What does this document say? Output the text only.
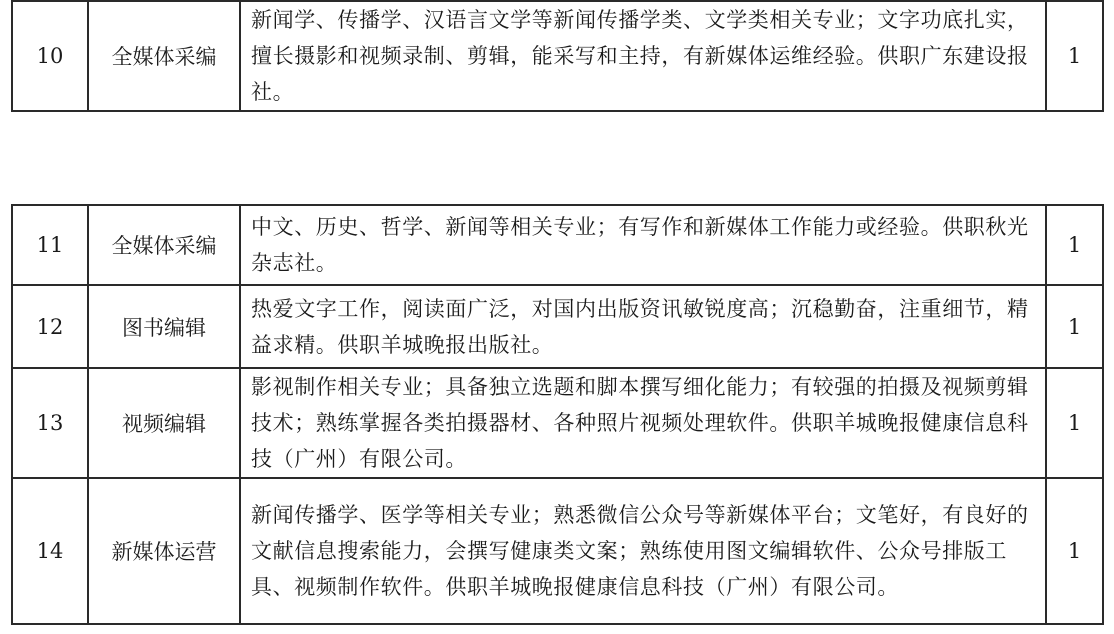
10	全媒体采编	新闻学、传播学、汉语言文学等新闻传播学类、文学类相关专业；文字功底扎实，擅长摄影和视频录制、剪辑，能采写和主持，有新媒体运维经验。供职广东建设报社。	1
11	全媒体采编	中文、历史、哲学、新闻等相关专业；有写作和新媒体工作能力或经验。供职秋光杂志社。	1
12	图书编辑	热爱文字工作，阅读面广泛，对国内出版资讯敏锐度高；沉稳勤奋，注重细节，精益求精。供职羊城晚报出版社。	1
13	视频编辑	影视制作相关专业；具备独立选题和脚本撰写细化能力；有较强的拍摄及视频剪辑技术；熟练掌握各类拍摄器材、各种照片视频处理软件。供职羊城晚报健康信息科技（广州）有限公司。	1
14	新媒体运营	新闻传播学、医学等相关专业；熟悉微信公众号等新媒体平台；文笔好，有良好的文献信息搜索能力，会撰写健康类文案；熟练使用图文编辑软件、公众号排版工具、视频制作软件。供职羊城晚报健康信息科技（广州）有限公司。	1
